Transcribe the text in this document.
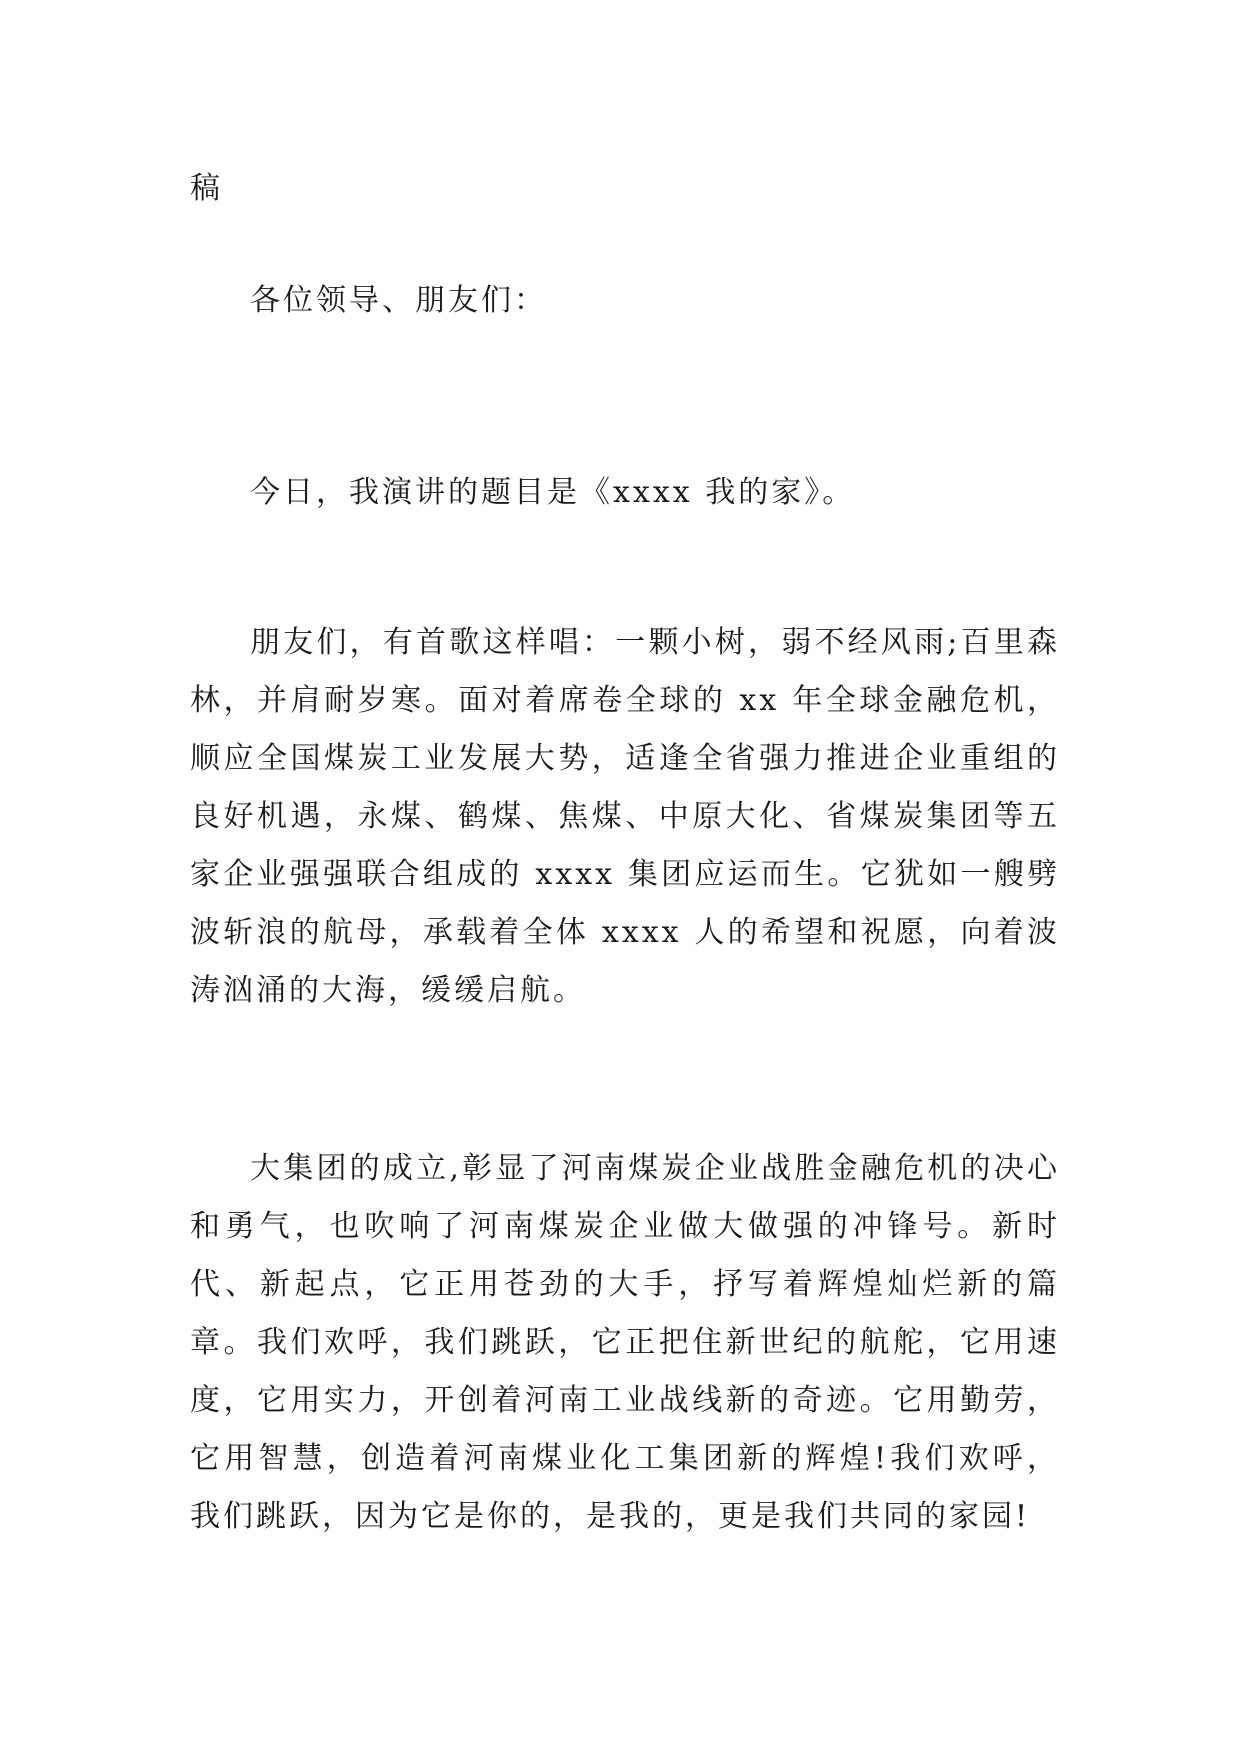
稿

各位领导、朋友们：

今日，我演讲的题目是《xxxx 我的家》。

朋友们，有首歌这样唱：一颗小树，弱不经风雨;百里森林，并肩耐岁寒。面对着席卷全球的 xx 年全球金融危机，顺应全国煤炭工业发展大势，适逢全省强力推进企业重组的良好机遇，永煤、鹤煤、焦煤、中原大化、省煤炭集团等五家企业强强联合组成的 xxxx 集团应运而生。它犹如一艘劈波斩浪的航母，承载着全体 xxxx 人的希望和祝愿，向着波涛汹涌的大海，缓缓启航。

大集团的成立,彰显了河南煤炭企业战胜金融危机的决心和勇气，也吹响了河南煤炭企业做大做强的冲锋号。新时代、新起点，它正用苍劲的大手，抒写着辉煌灿烂新的篇章。我们欢呼，我们跳跃，它正把住新世纪的航舵，它用速度，它用实力，开创着河南工业战线新的奇迹。它用勤劳，它用智慧，创造着河南煤业化工集团新的辉煌!我们欢呼，我们跳跃，因为它是你的，是我的，更是我们共同的家园!
